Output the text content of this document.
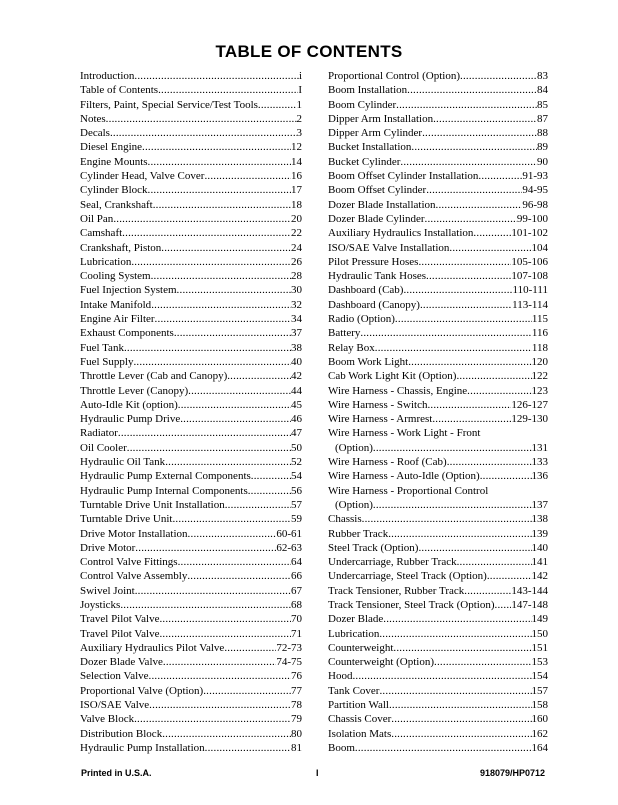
TABLE OF CONTENTS
Introduction .....	i
Table of Contents .....	I
Filters, Paint, Special Service/Test Tools .....	1
Notes .....	2
Decals .....	3
Diesel Engine .....	12
Engine Mounts .....	14
Cylinder Head, Valve Cover .....	16
Cylinder Block .....	17
Seal, Crankshaft .....	18
Oil Pan .....	20
Camshaft .....	22
Crankshaft, Piston .....	24
Lubrication .....	26
Cooling System .....	28
Fuel Injection System .....	30
Intake Manifold .....	32
Engine Air Filter .....	34
Exhaust Components .....	37
Fuel Tank .....	38
Fuel Supply .....	40
Throttle Lever (Cab and Canopy) .....	42
Throttle Lever (Canopy) .....	44
Auto-Idle Kit (option) .....	45
Hydraulic Pump Drive .....	46
Radiator .....	47
Oil Cooler .....	50
Hydraulic Oil Tank .....	52
Hydraulic Pump External Components .....	54
Hydraulic Pump Internal Components .....	56
Turntable Drive Unit Installation .....	57
Turntable Drive Unit .....	59
Drive Motor Installation .....	60-61
Drive Motor .....	62-63
Control Valve Fittings .....	64
Control Valve Assembly .....	66
Swivel Joint .....	67
Joysticks .....	68
Travel Pilot Valve .....	70
Travel Pilot Valve .....	71
Auxiliary Hydraulics Pilot Valve .....	72-73
Dozer Blade Valve .....	74-75
Selection Valve .....	76
Proportional Valve (Option) .....	77
ISO/SAE Valve .....	78
Valve Block .....	79
Distribution Block .....	80
Hydraulic Pump Installation .....	81
Proportional Control (Option) .....	83
Boom Installation .....	84
Boom Cylinder .....	85
Dipper Arm Installation .....	87
Dipper Arm Cylinder .....	88
Bucket Installation .....	89
Bucket Cylinder .....	90
Boom Offset Cylinder Installation .....	91-93
Boom Offset Cylinder .....	94-95
Dozer Blade Installation .....	96-98
Dozer Blade Cylinder .....	99-100
Auxiliary Hydraulics Installation .....	101-102
ISO/SAE Valve Installation .....	104
Pilot Pressure Hoses .....	105-106
Hydraulic Tank Hoses .....	107-108
Dashboard (Cab) .....	110-111
Dashboard (Canopy) .....	113-114
Radio (Option) .....	115
Battery .....	116
Relay Box .....	118
Boom Work Light .....	120
Cab Work Light Kit (Option) .....	122
Wire Harness - Chassis, Engine .....	123
Wire Harness - Switch .....	126-127
Wire Harness - Armrest .....	129-130
Wire Harness - Work Light - Front
(Option) .....	131
Wire Harness - Roof (Cab) .....	133
Wire Harness - Auto-Idle (Option) .....	136
Wire Harness - Proportional Control
(Option) .....	137
Chassis .....	138
Rubber Track .....	139
Steel Track (Option) .....	140
Undercarriage, Rubber Track .....	141
Undercarriage, Steel Track (Option) .....	142
Track Tensioner, Rubber Track .....	143-144
Track Tensioner, Steel Track (Option) ..... 147-148
Dozer Blade .....	149
Lubrication .....	150
Counterweight .....	151
Counterweight (Option) .....	153
Hood .....	154
Tank Cover .....	157
Partition Wall .....	158
Chassis Cover .....	160
Isolation Mats .....	162
Boom .....	164
Printed in U.S.A.	I	918079/HP0712
